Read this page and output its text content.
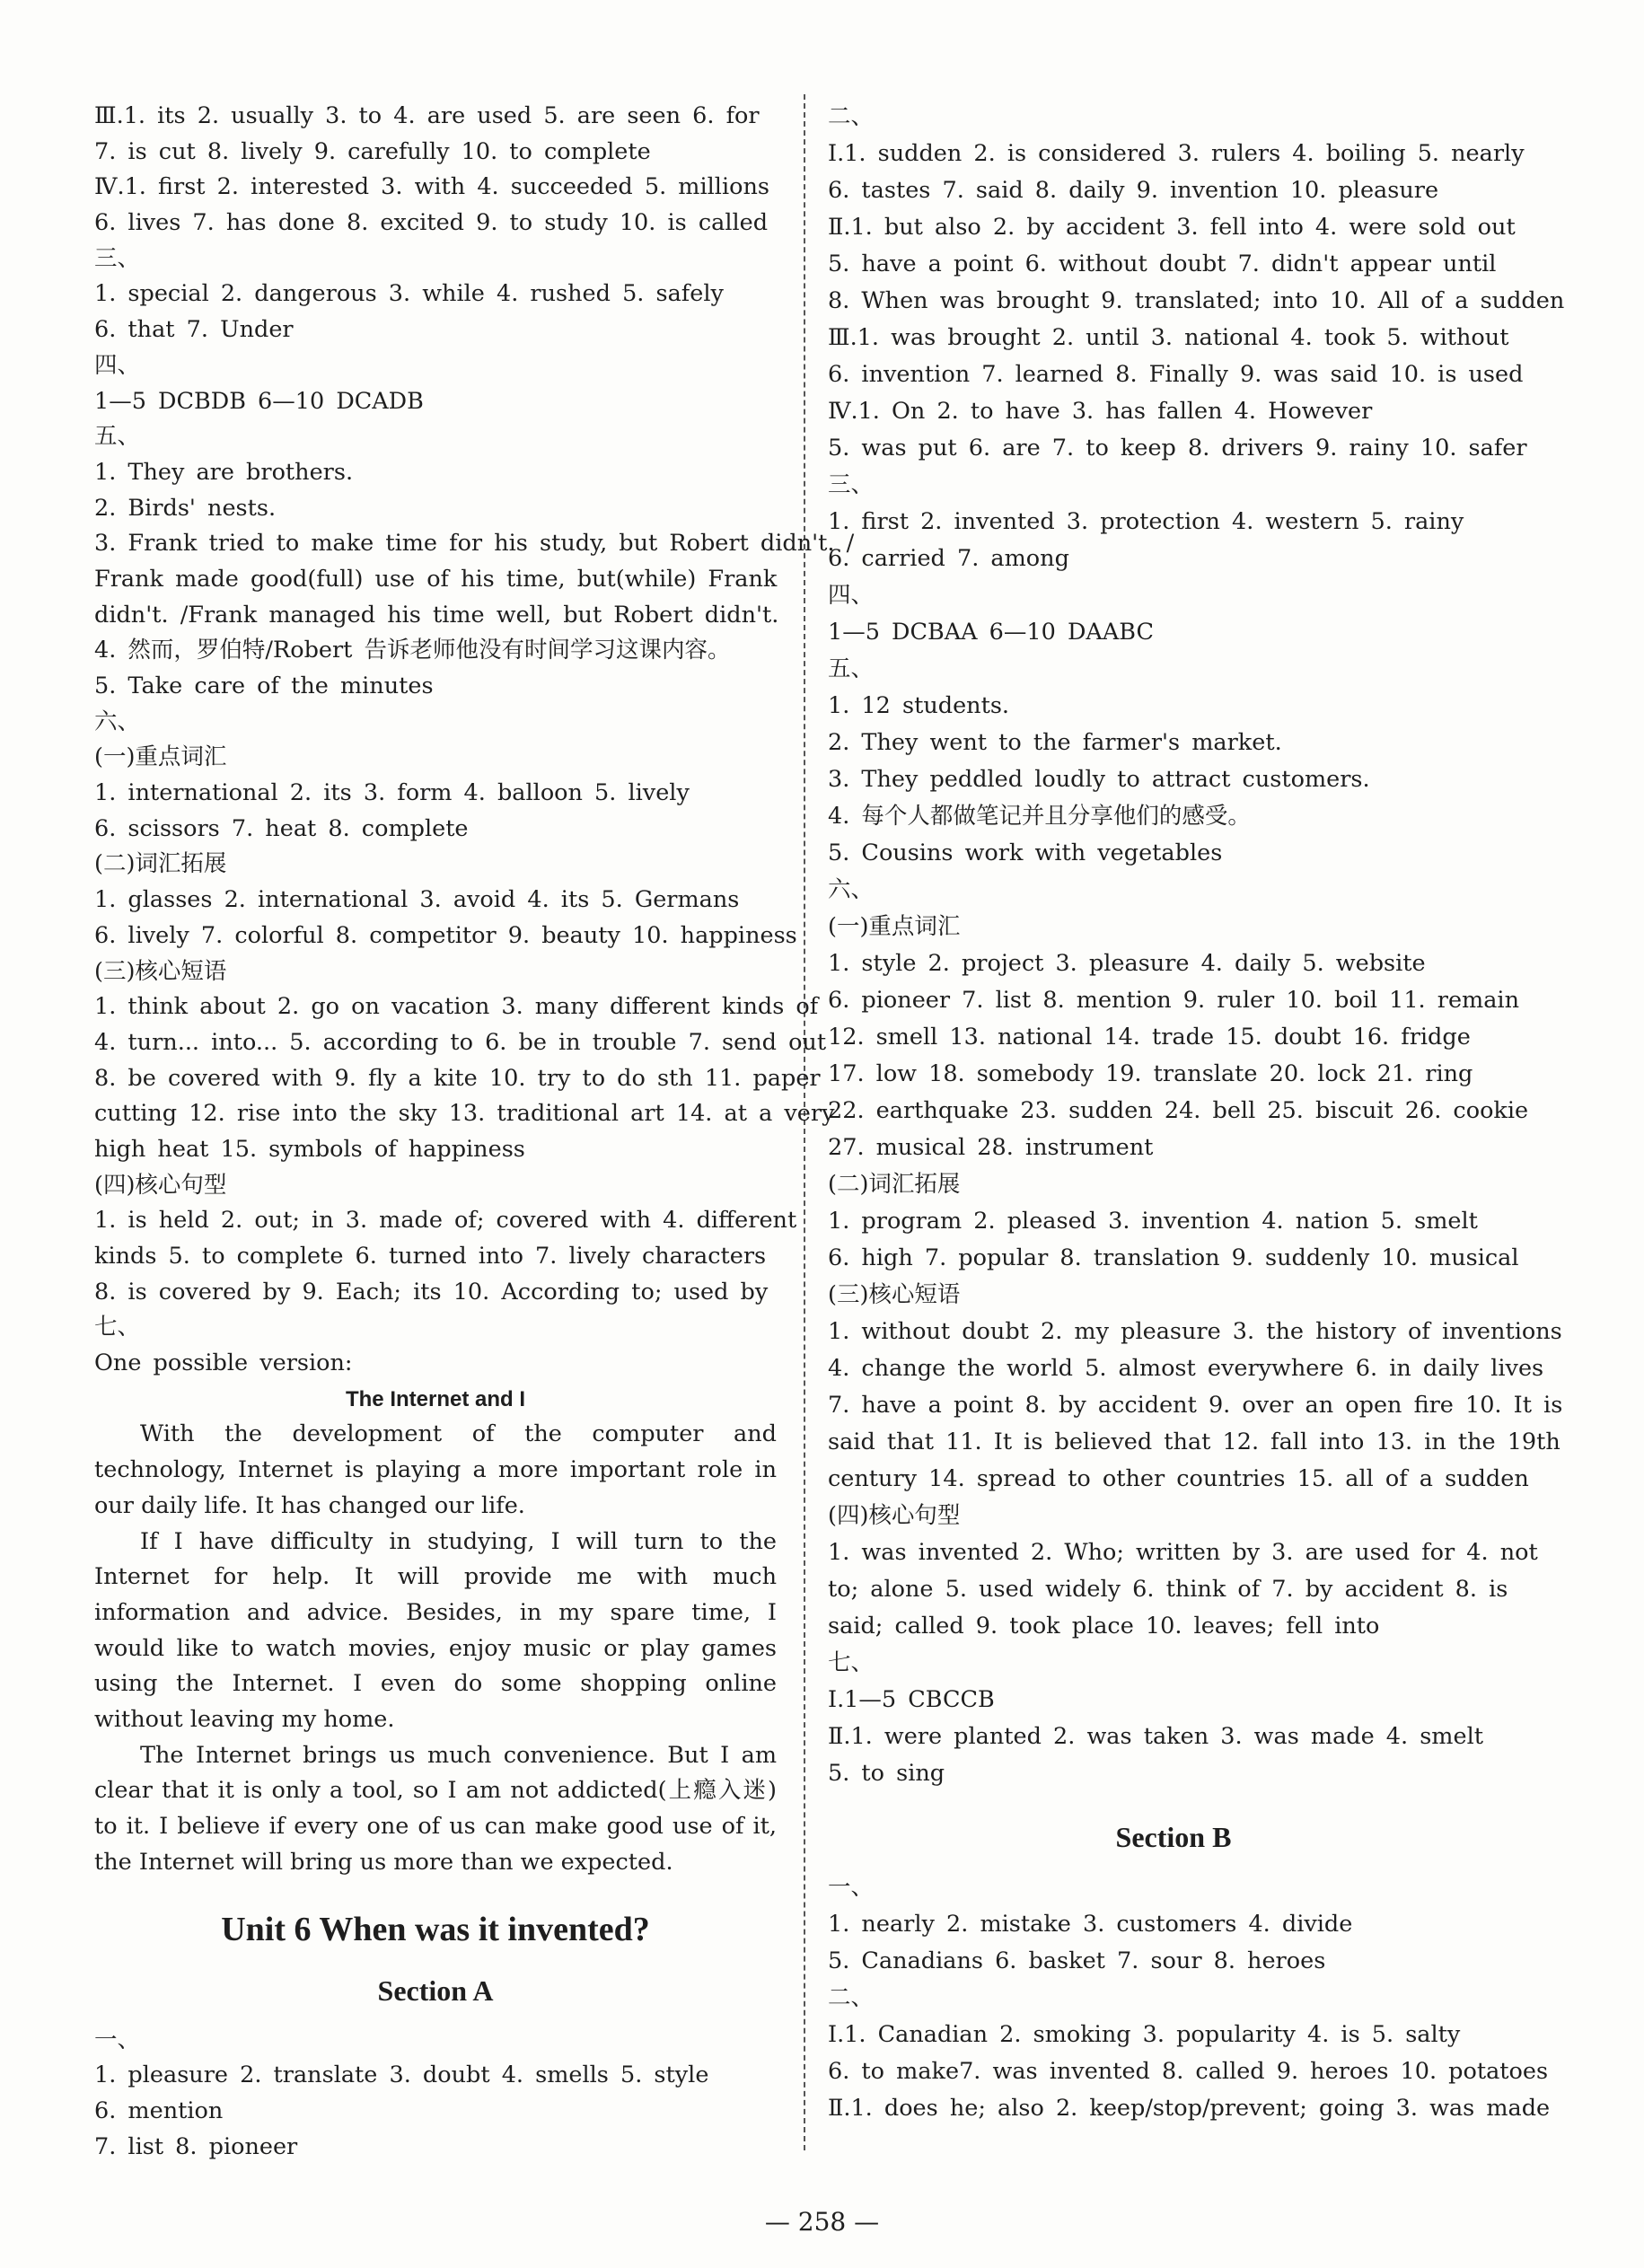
Ⅲ.1. its 2. usually 3. to 4. are used 5. are seen 6. for
7. is cut 8. lively 9. carefully 10. to complete
Ⅳ.1. first 2. interested 3. with 4. succeeded 5. millions
6. lives 7. has done 8. excited 9. to study 10. is called
三、
1. special 2. dangerous 3. while 4. rushed 5. safely
6. that 7. Under
四、
1—5 DCBDB 6—10 DCADB
五、
1. They are brothers.
2. Birds' nests.
3. Frank tried to make time for his study, but Robert didn't. /
Frank made good(full) use of his time, but(while) Frank
didn't. /Frank managed his time well, but Robert didn't.
4. 然而，罗伯特/Robert 告诉老师他没有时间学习这课内容。
5. Take care of the minutes
六、
(一)重点词汇
1. international 2. its 3. form 4. balloon 5. lively
6. scissors 7. heat 8. complete
(二)词汇拓展
1. glasses 2. international 3. avoid 4. its 5. Germans
6. lively 7. colorful 8. competitor 9. beauty 10. happiness
(三)核心短语
1. think about 2. go on vacation 3. many different kinds of
4. turn... into... 5. according to 6. be in trouble 7. send out
8. be covered with 9. fly a kite 10. try to do sth 11. paper
cutting 12. rise into the sky 13. traditional art 14. at a very
high heat 15. symbols of happiness
(四)核心句型
1. is held 2. out; in 3. made of; covered with 4. different
kinds 5. to complete 6. turned into 7. lively characters
8. is covered by 9. Each; its 10. According to; used by
七、
One possible version:
The Internet and I

With the development of the computer and technology, Internet is playing a more important role in our daily life. It has changed our life.

If I have difficulty in studying, I will turn to the Internet for help. It will provide me with much information and advice. Besides, in my spare time, I would like to watch movies, enjoy music or play games using the Internet. I even do some shopping online without leaving my home.

The Internet brings us much convenience. But I am clear that it is only a tool, so I am not addicted(上瘾入迷) to it. I believe if every one of us can make good use of it, the Internet will bring us more than we expected.

Unit 6 When was it invented?
Section A
一、
1. pleasure 2. translate 3. doubt 4. smells 5. style
6. mention
7. list 8. pioneer
二、
Ⅰ.1. sudden 2. is considered 3. rulers 4. boiling 5. nearly
6. tastes 7. said 8. daily 9. invention 10. pleasure
Ⅱ.1. but also 2. by accident 3. fell into 4. were sold out
5. have a point 6. without doubt 7. didn't appear until
8. When was brought 9. translated; into 10. All of a sudden
Ⅲ.1. was brought 2. until 3. national 4. took 5. without
6. invention 7. learned 8. Finally 9. was said 10. is used
Ⅳ.1. On 2. to have 3. has fallen 4. However
5. was put 6. are 7. to keep 8. drivers 9. rainy 10. safer
三、
1. first 2. invented 3. protection 4. western 5. rainy
6. carried 7. among
四、
1—5 DCBAA 6—10 DAABC
五、
1. 12 students.
2. They went to the farmer's market.
3. They peddled loudly to attract customers.
4. 每个人都做笔记并且分享他们的感受。
5. Cousins work with vegetables
六、
(一)重点词汇
1. style 2. project 3. pleasure 4. daily 5. website
6. pioneer 7. list 8. mention 9. ruler 10. boil 11. remain
12. smell 13. national 14. trade 15. doubt 16. fridge
17. low 18. somebody 19. translate 20. lock 21. ring
22. earthquake 23. sudden 24. bell 25. biscuit 26. cookie
27. musical 28. instrument
(二)词汇拓展
1. program 2. pleased 3. invention 4. nation 5. smelt
6. high 7. popular 8. translation 9. suddenly 10. musical
(三)核心短语
1. without doubt 2. my pleasure 3. the history of inventions
4. change the world 5. almost everywhere 6. in daily lives
7. have a point 8. by accident 9. over an open fire 10. It is
said that 11. It is believed that 12. fall into 13. in the 19th
century 14. spread to other countries 15. all of a sudden
(四)核心句型
1. was invented 2. Who; written by 3. are used for 4. not
to; alone 5. used widely 6. think of 7. by accident 8. is
said; called 9. took place 10. leaves; fell into
七、
Ⅰ.1—5 CBCCB
Ⅱ.1. were planted 2. was taken 3. was made 4. smelt
5. to sing
Section B
一、
1. nearly 2. mistake 3. customers 4. divide
5. Canadians 6. basket 7. sour 8. heroes
二、
Ⅰ.1. Canadian 2. smoking 3. popularity 4. is 5. salty
6. to make7. was invented 8. called 9. heroes 10. potatoes
Ⅱ.1. does he; also 2. keep/stop/prevent; going 3. was made
— 258 —
